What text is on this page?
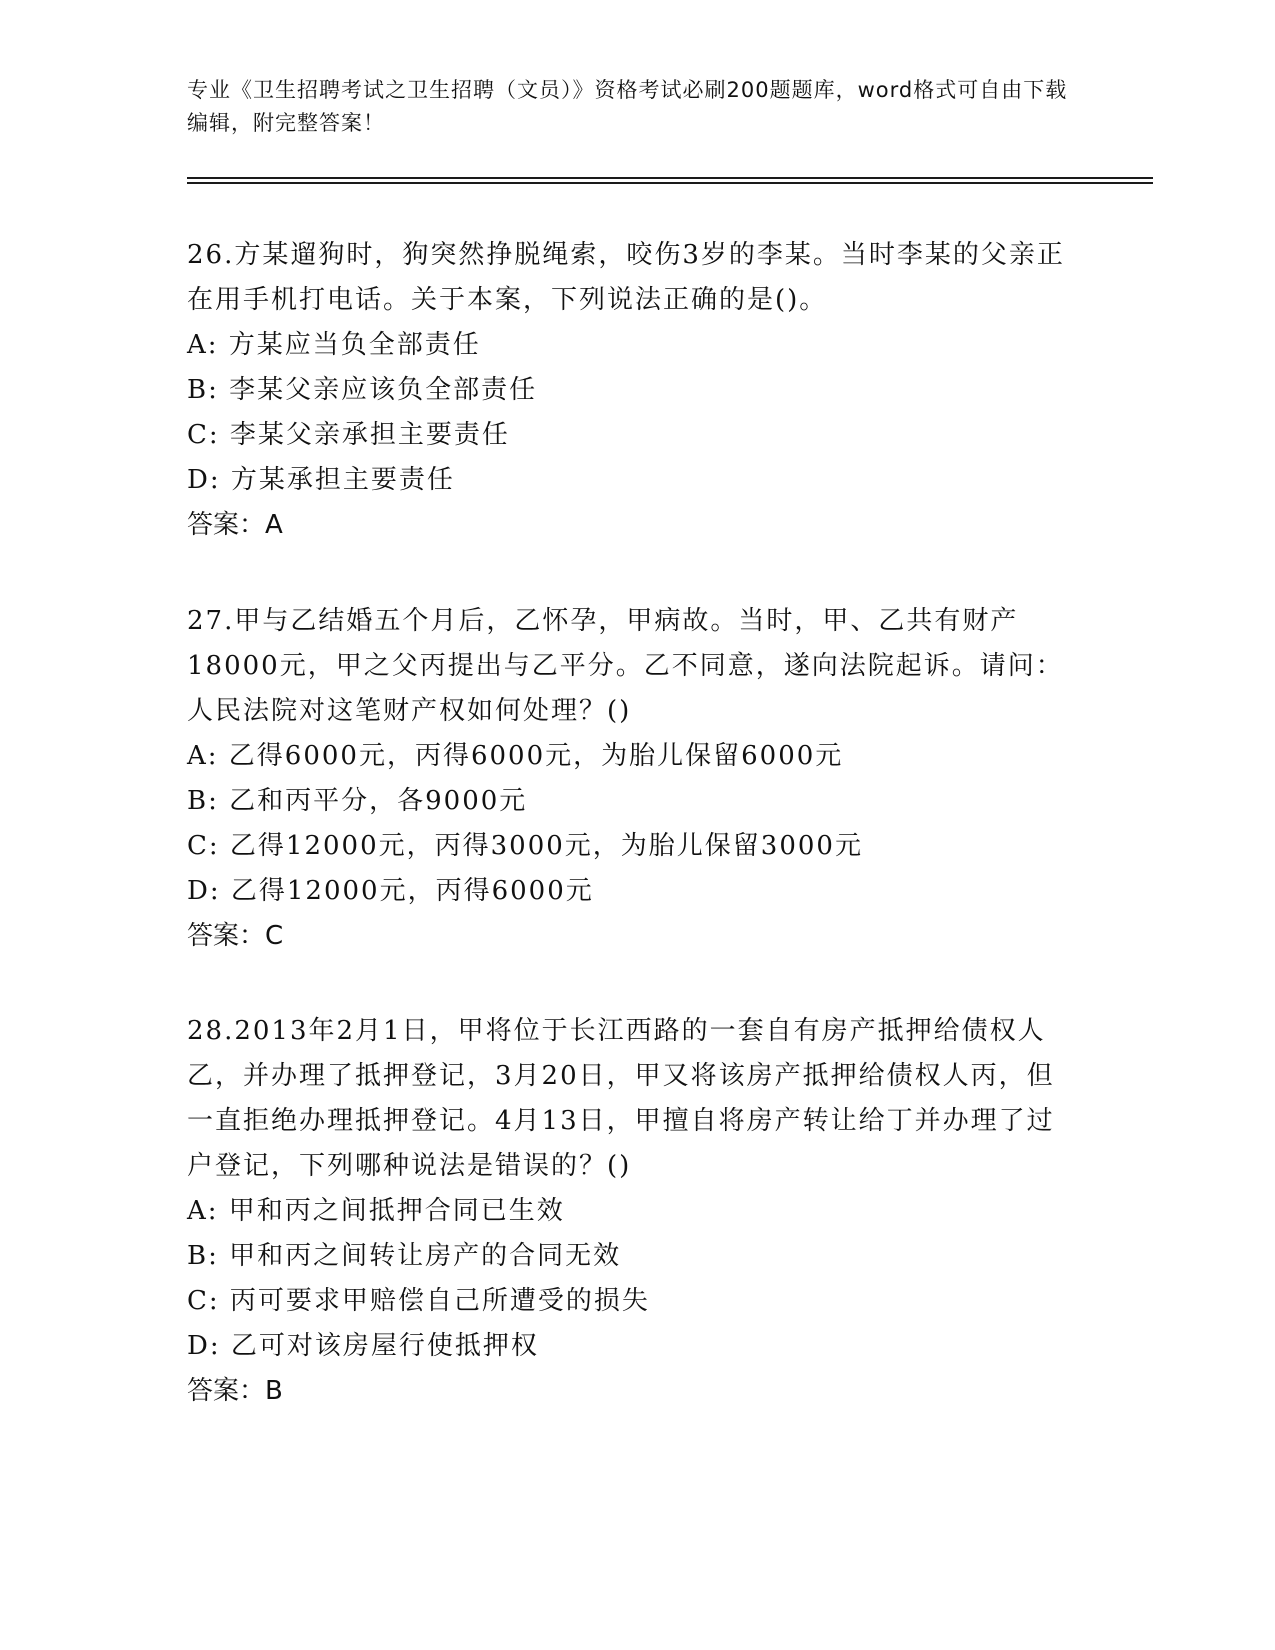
专业《卫生招聘考试之卫生招聘（文员）》资格考试必刷200题题库，word格式可自由下载编辑，附完整答案！

26.方某遛狗时，狗突然挣脱绳索，咬伤3岁的李某。当时李某的父亲正在用手机打电话。关于本案，下列说法正确的是()。

A: 方某应当负全部责任

B: 李某父亲应该负全部责任

C: 李某父亲承担主要责任

D: 方某承担主要责任

答案：A

27.甲与乙结婚五个月后，乙怀孕，甲病故。当时，甲、乙共有财产18000元，甲之父丙提出与乙平分。乙不同意，遂向法院起诉。请问：人民法院对这笔财产权如何处理？()

A: 乙得6000元，丙得6000元，为胎儿保留6000元

B: 乙和丙平分，各9000元

C: 乙得12000元，丙得3000元，为胎儿保留3000元

D: 乙得12000元，丙得6000元

答案：C

28.2013年2月1日，甲将位于长江西路的一套自有房产抵押给债权人乙，并办理了抵押登记，3月20日，甲又将该房产抵押给债权人丙，但一直拒绝办理抵押登记。4月13日，甲擅自将房产转让给丁并办理了过户登记，下列哪种说法是错误的？()

A: 甲和丙之间抵押合同已生效

B: 甲和丙之间转让房产的合同无效

C: 丙可要求甲赔偿自己所遭受的损失

D: 乙可对该房屋行使抵押权

答案：B
